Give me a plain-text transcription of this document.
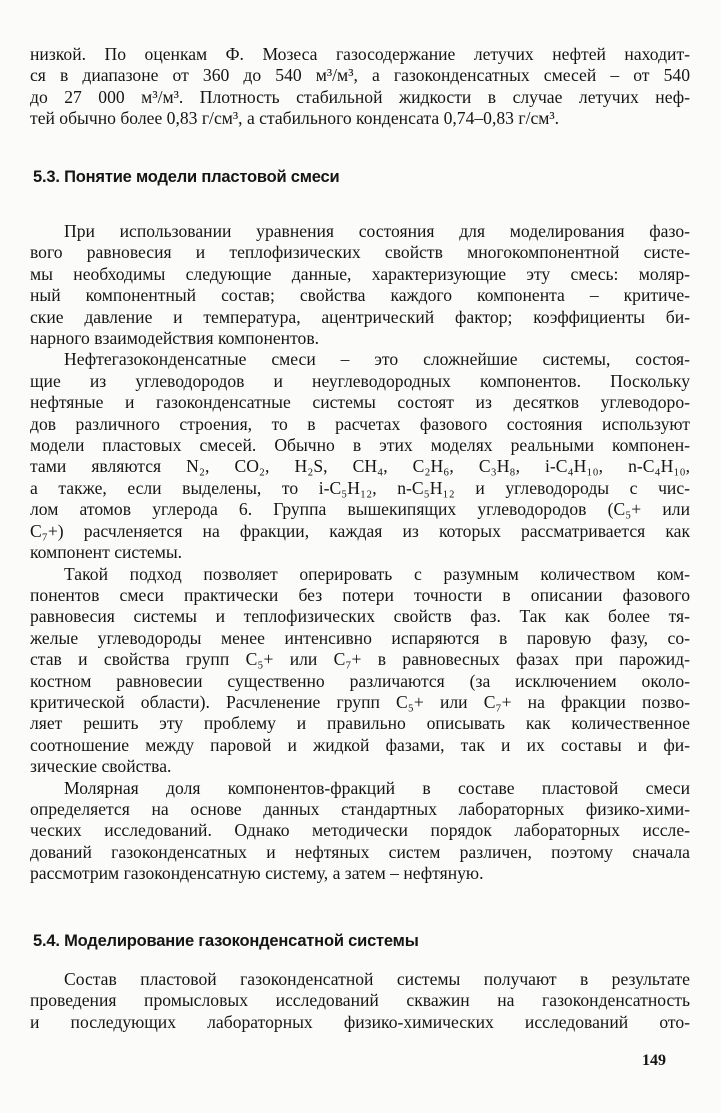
низкой. По оценкам Ф. Мозеса газосодержание летучих нефтей находит-
ся в диапазоне от 360 до 540 м³/м³, а газоконденсатных смесей – от 540
до 27 000 м³/м³. Плотность стабильной жидкости в случае летучих неф-
тей обычно более 0,83 г/см³, а стабильного конденсата 0,74–0,83 г/см³.

5.3. Понятие модели пластовой смеси

При использовании уравнения состояния для моделирования фазо-
вого равновесия и теплофизических свойств многокомпонентной систе-
мы необходимы следующие данные, характеризующие эту смесь: моляр-
ный компонентный состав; свойства каждого компонента – критиче-
ские давление и температура, ацентрический фактор; коэффициенты би-
нарного взаимодействия компонентов.

Нефтегазоконденсатные смеси – это сложнейшие системы, состоя-
щие из углеводородов и неуглеводородных компонентов. Поскольку
нефтяные и газоконденсатные системы состоят из десятков углеводоро-
дов различного строения, то в расчетах фазового состояния используют
модели пластовых смесей. Обычно в этих моделях реальными компонен-
тами являются N₂, CO₂, H₂S, CH₄, C₂H₆, C₃H₈, i-C₄H₁₀, n-C₄H₁₀,
а также, если выделены, то i-C₅H₁₂, n-C₅H₁₂ и углеводороды с чис-
лом атомов углерода 6. Группа вышекипящих углеводородов (C₅+ или
C₇+) расчленяется на фракции, каждая из которых рассматривается как
компонент системы.

Такой подход позволяет оперировать с разумным количеством ком-
понентов смеси практически без потери точности в описании фазового
равновесия системы и теплофизических свойств фаз. Так как более тя-
желые углеводороды менее интенсивно испаряются в паровую фазу, со-
став и свойства групп C₅+ или C₇+ в равновесных фазах при парожид-
костном равновесии существенно различаются (за исключением около-
критической области). Расчленение групп C₅+ или C₇+ на фракции позво-
ляет решить эту проблему и правильно описывать как количественное
соотношение между паровой и жидкой фазами, так и их составы и фи-
зические свойства.

Молярная доля компонентов-фракций в составе пластовой смеси
определяется на основе данных стандартных лабораторных физико-хими-
ческих исследований. Однако методически порядок лабораторных иссле-
дований газоконденсатных и нефтяных систем различен, поэтому сначала
рассмотрим газоконденсатную систему, а затем – нефтяную.

5.4. Моделирование газоконденсатной системы

Состав пластовой газоконденсатной системы получают в результате
проведения промысловых исследований скважин на газоконденсатность
и последующих лабораторных физико-химических исследований ото-

149
